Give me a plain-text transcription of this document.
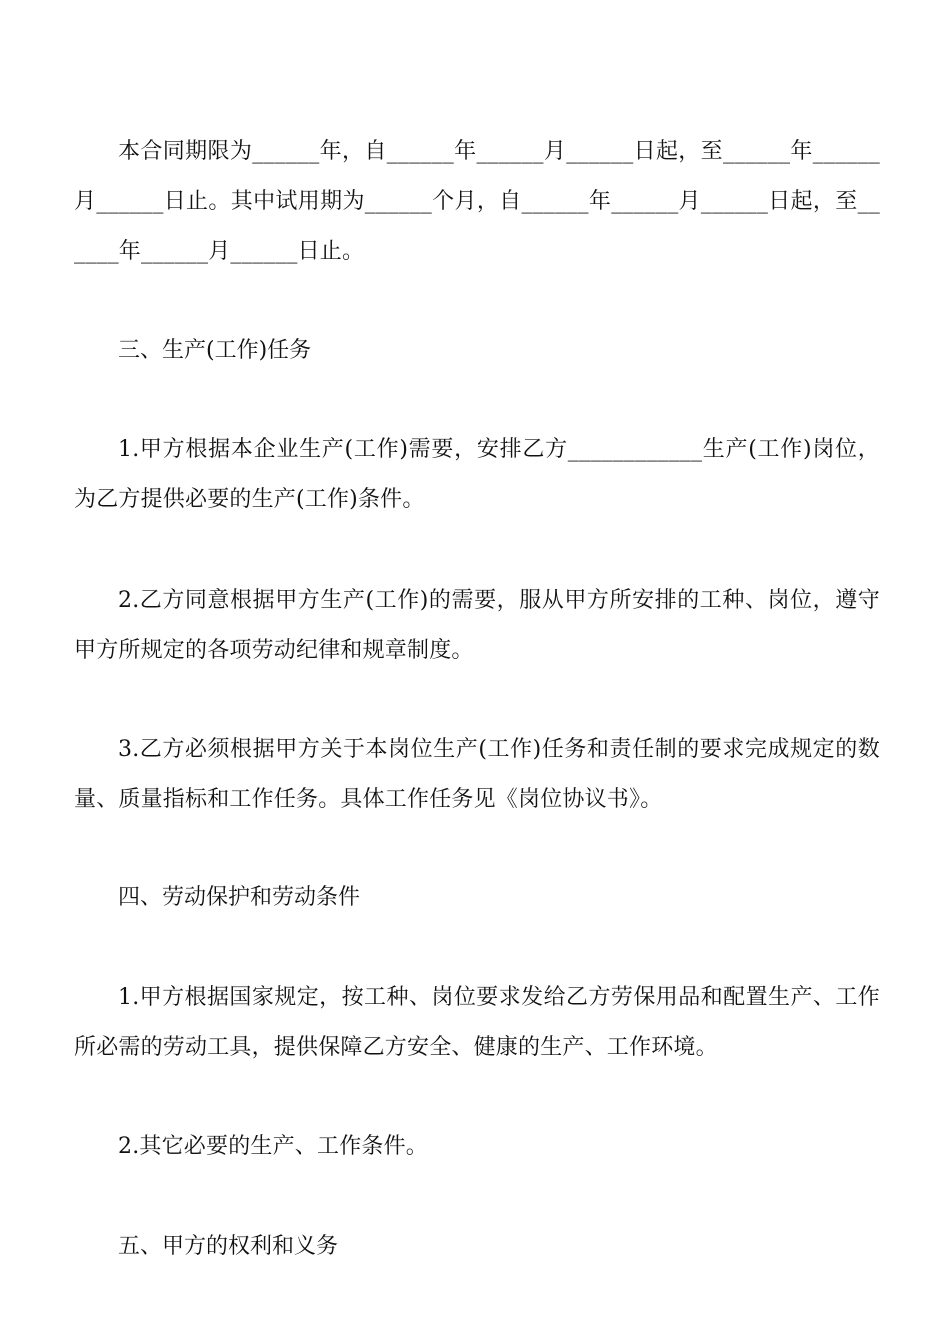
本合同期限为______年，自______年______月______日起，至______年______月______日止。其中试用期为______个月，自______年______月______日起，至______年______月______日止。

三、生产(工作)任务

1.甲方根据本企业生产(工作)需要，安排乙方____________生产(工作)岗位，为乙方提供必要的生产(工作)条件。

2.乙方同意根据甲方生产(工作)的需要，服从甲方所安排的工种、岗位，遵守甲方所规定的各项劳动纪律和规章制度。

3.乙方必须根据甲方关于本岗位生产(工作)任务和责任制的要求完成规定的数量、质量指标和工作任务。具体工作任务见《岗位协议书》。

四、劳动保护和劳动条件

1.甲方根据国家规定，按工种、岗位要求发给乙方劳保用品和配置生产、工作所必需的劳动工具，提供保障乙方安全、健康的生产、工作环境。

2.其它必要的生产、工作条件。

五、甲方的权利和义务
